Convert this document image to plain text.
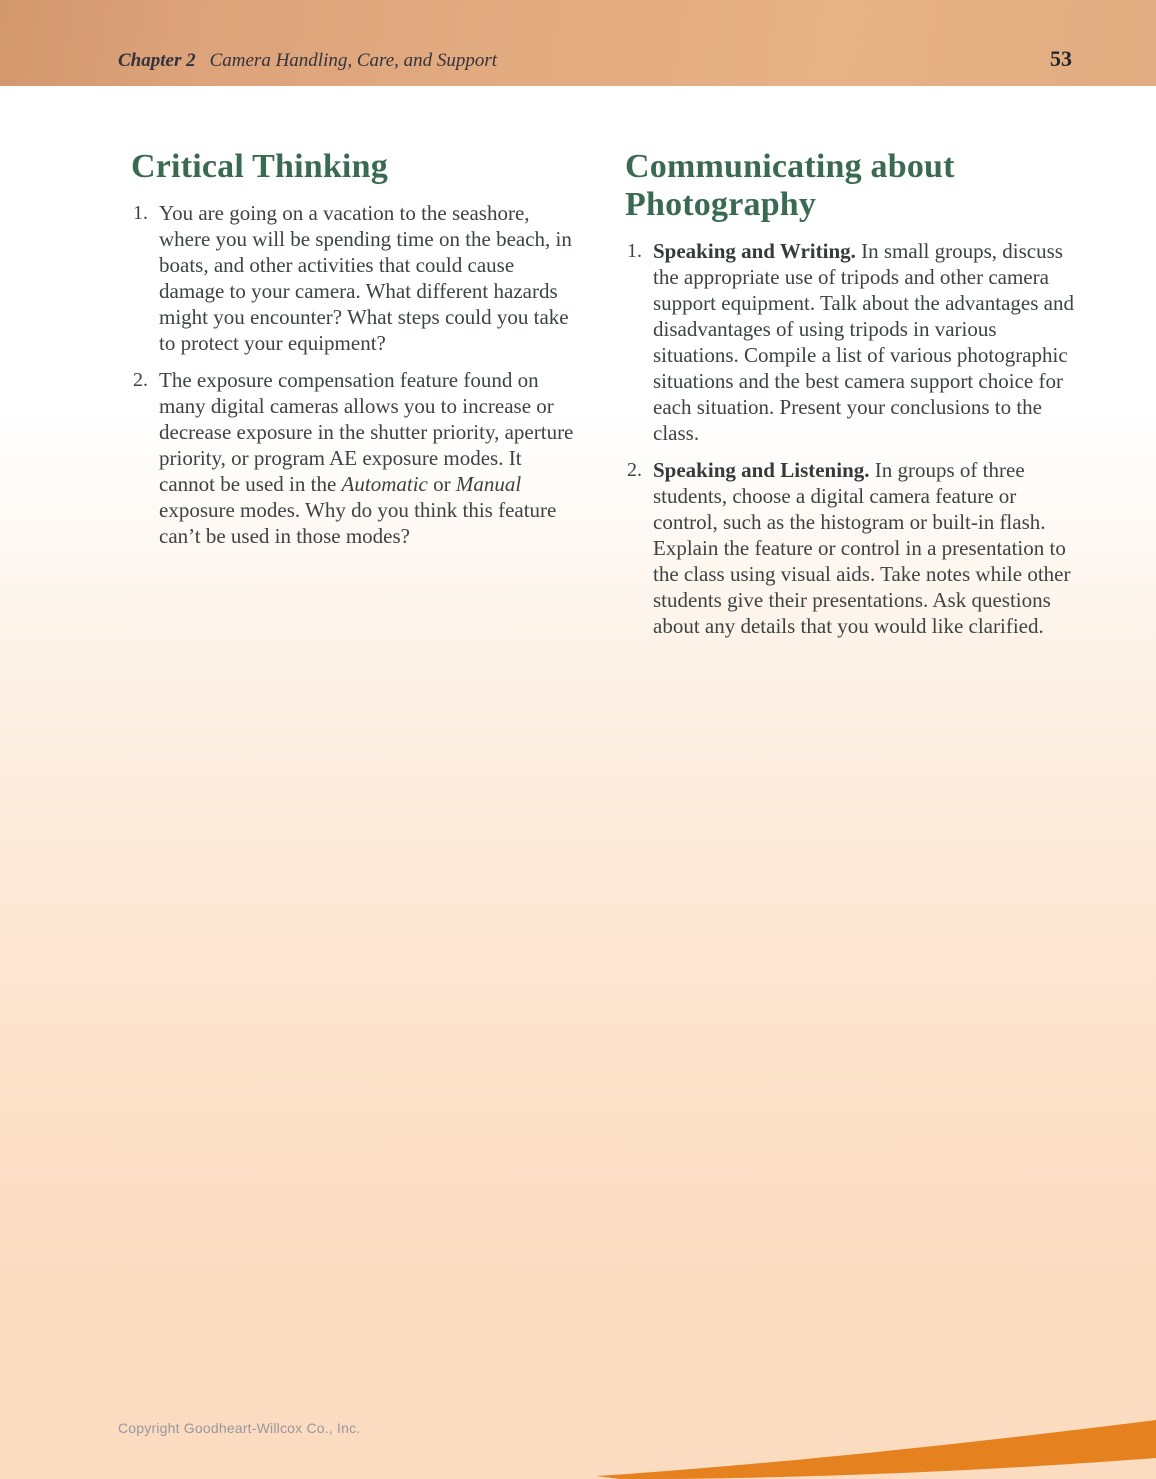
Chapter 2 Camera Handling, Care, and Support	53
Critical Thinking
1. You are going on a vacation to the seashore, where you will be spending time on the beach, in boats, and other activities that could cause damage to your camera. What different hazards might you encounter? What steps could you take to protect your equipment?

2. The exposure compensation feature found on many digital cameras allows you to increase or decrease exposure in the shutter priority, aperture priority, or program AE exposure modes. It cannot be used in the Automatic or Manual exposure modes. Why do you think this feature can’t be used in those modes?

Communicating about Photography
1. Speaking and Writing. In small groups, discuss the appropriate use of tripods and other camera support equipment. Talk about the advantages and disadvantages of using tripods in various situations. Compile a list of various photographic situations and the best camera support choice for each situation. Present your conclusions to the class.

2. Speaking and Listening. In groups of three students, choose a digital camera feature or control, such as the histogram or built-in flash. Explain the feature or control in a presentation to the class using visual aids. Take notes while other students give their presentations. Ask questions about any details that you would like clarified.

Copyright Goodheart-Willcox Co., Inc.
